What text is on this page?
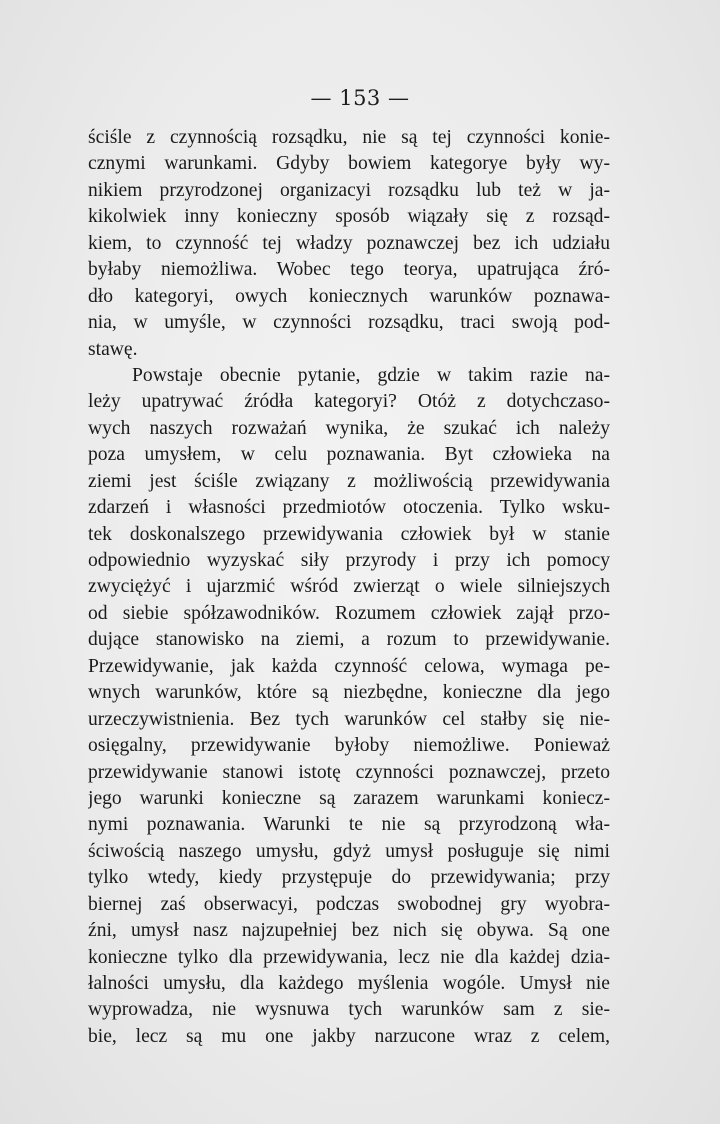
— 153 —
ściśle z czynnością rozsądku, nie są tej czynności konie-
cznymi warunkami. Gdyby bowiem kategorye były wy-
nikiem przyrodzonej organizacyi rozsądku lub też w ja-
kikolwiek inny konieczny sposób wiązały się z rozsąd-
kiem, to czynność tej władzy poznawczej bez ich udziału
byłaby niemożliwa. Wobec tego teorya, upatrująca źró-
dło kategoryi, owych koniecznych warunków poznawa-
nia, w umyśle, w czynności rozsądku, traci swoją pod-
stawę.
Powstaje obecnie pytanie, gdzie w takim razie na-
leży upatrywać źródła kategoryi? Otóż z dotychczaso-
wych naszych rozważań wynika, że szukać ich należy
poza umysłem, w celu poznawania. Byt człowieka na
ziemi jest ściśle związany z możliwością przewidywania
zdarzeń i własności przedmiotów otoczenia. Tylko wsku-
tek doskonalszego przewidywania człowiek był w stanie
odpowiednio wyzyskać siły przyrody i przy ich pomocy
zwyciężyć i ujarzmić wśród zwierząt o wiele silniejszych
od siebie spółzawodników. Rozumem człowiek zajął przo-
dujące stanowisko na ziemi, a rozum to przewidywanie.
Przewidywanie, jak każda czynność celowa, wymaga pe-
wnych warunków, które są niezbędne, konieczne dla jego
urzeczywistnienia. Bez tych warunków cel stałby się nie-
osięgalny, przewidywanie byłoby niemożliwe. Ponieważ
przewidywanie stanowi istotę czynności poznawczej, przeto
jego warunki konieczne są zarazem warunkami koniecz-
nymi poznawania. Warunki te nie są przyrodzoną wła-
ściwością naszego umysłu, gdyż umysł posługuje się nimi
tylko wtedy, kiedy przystępuje do przewidywania; przy
biernej zaś obserwacyi, podczas swobodnej gry wyobra-
źni, umysł nasz najzupełniej bez nich się obywa. Są one
konieczne tylko dla przewidywania, lecz nie dla każdej dzia-
łalności umysłu, dla każdego myślenia wogóle. Umysł nie
wyprowadza, nie wysnuwa tych warunków sam z sie-
bie, lecz są mu one jakby narzucone wraz z celem,
